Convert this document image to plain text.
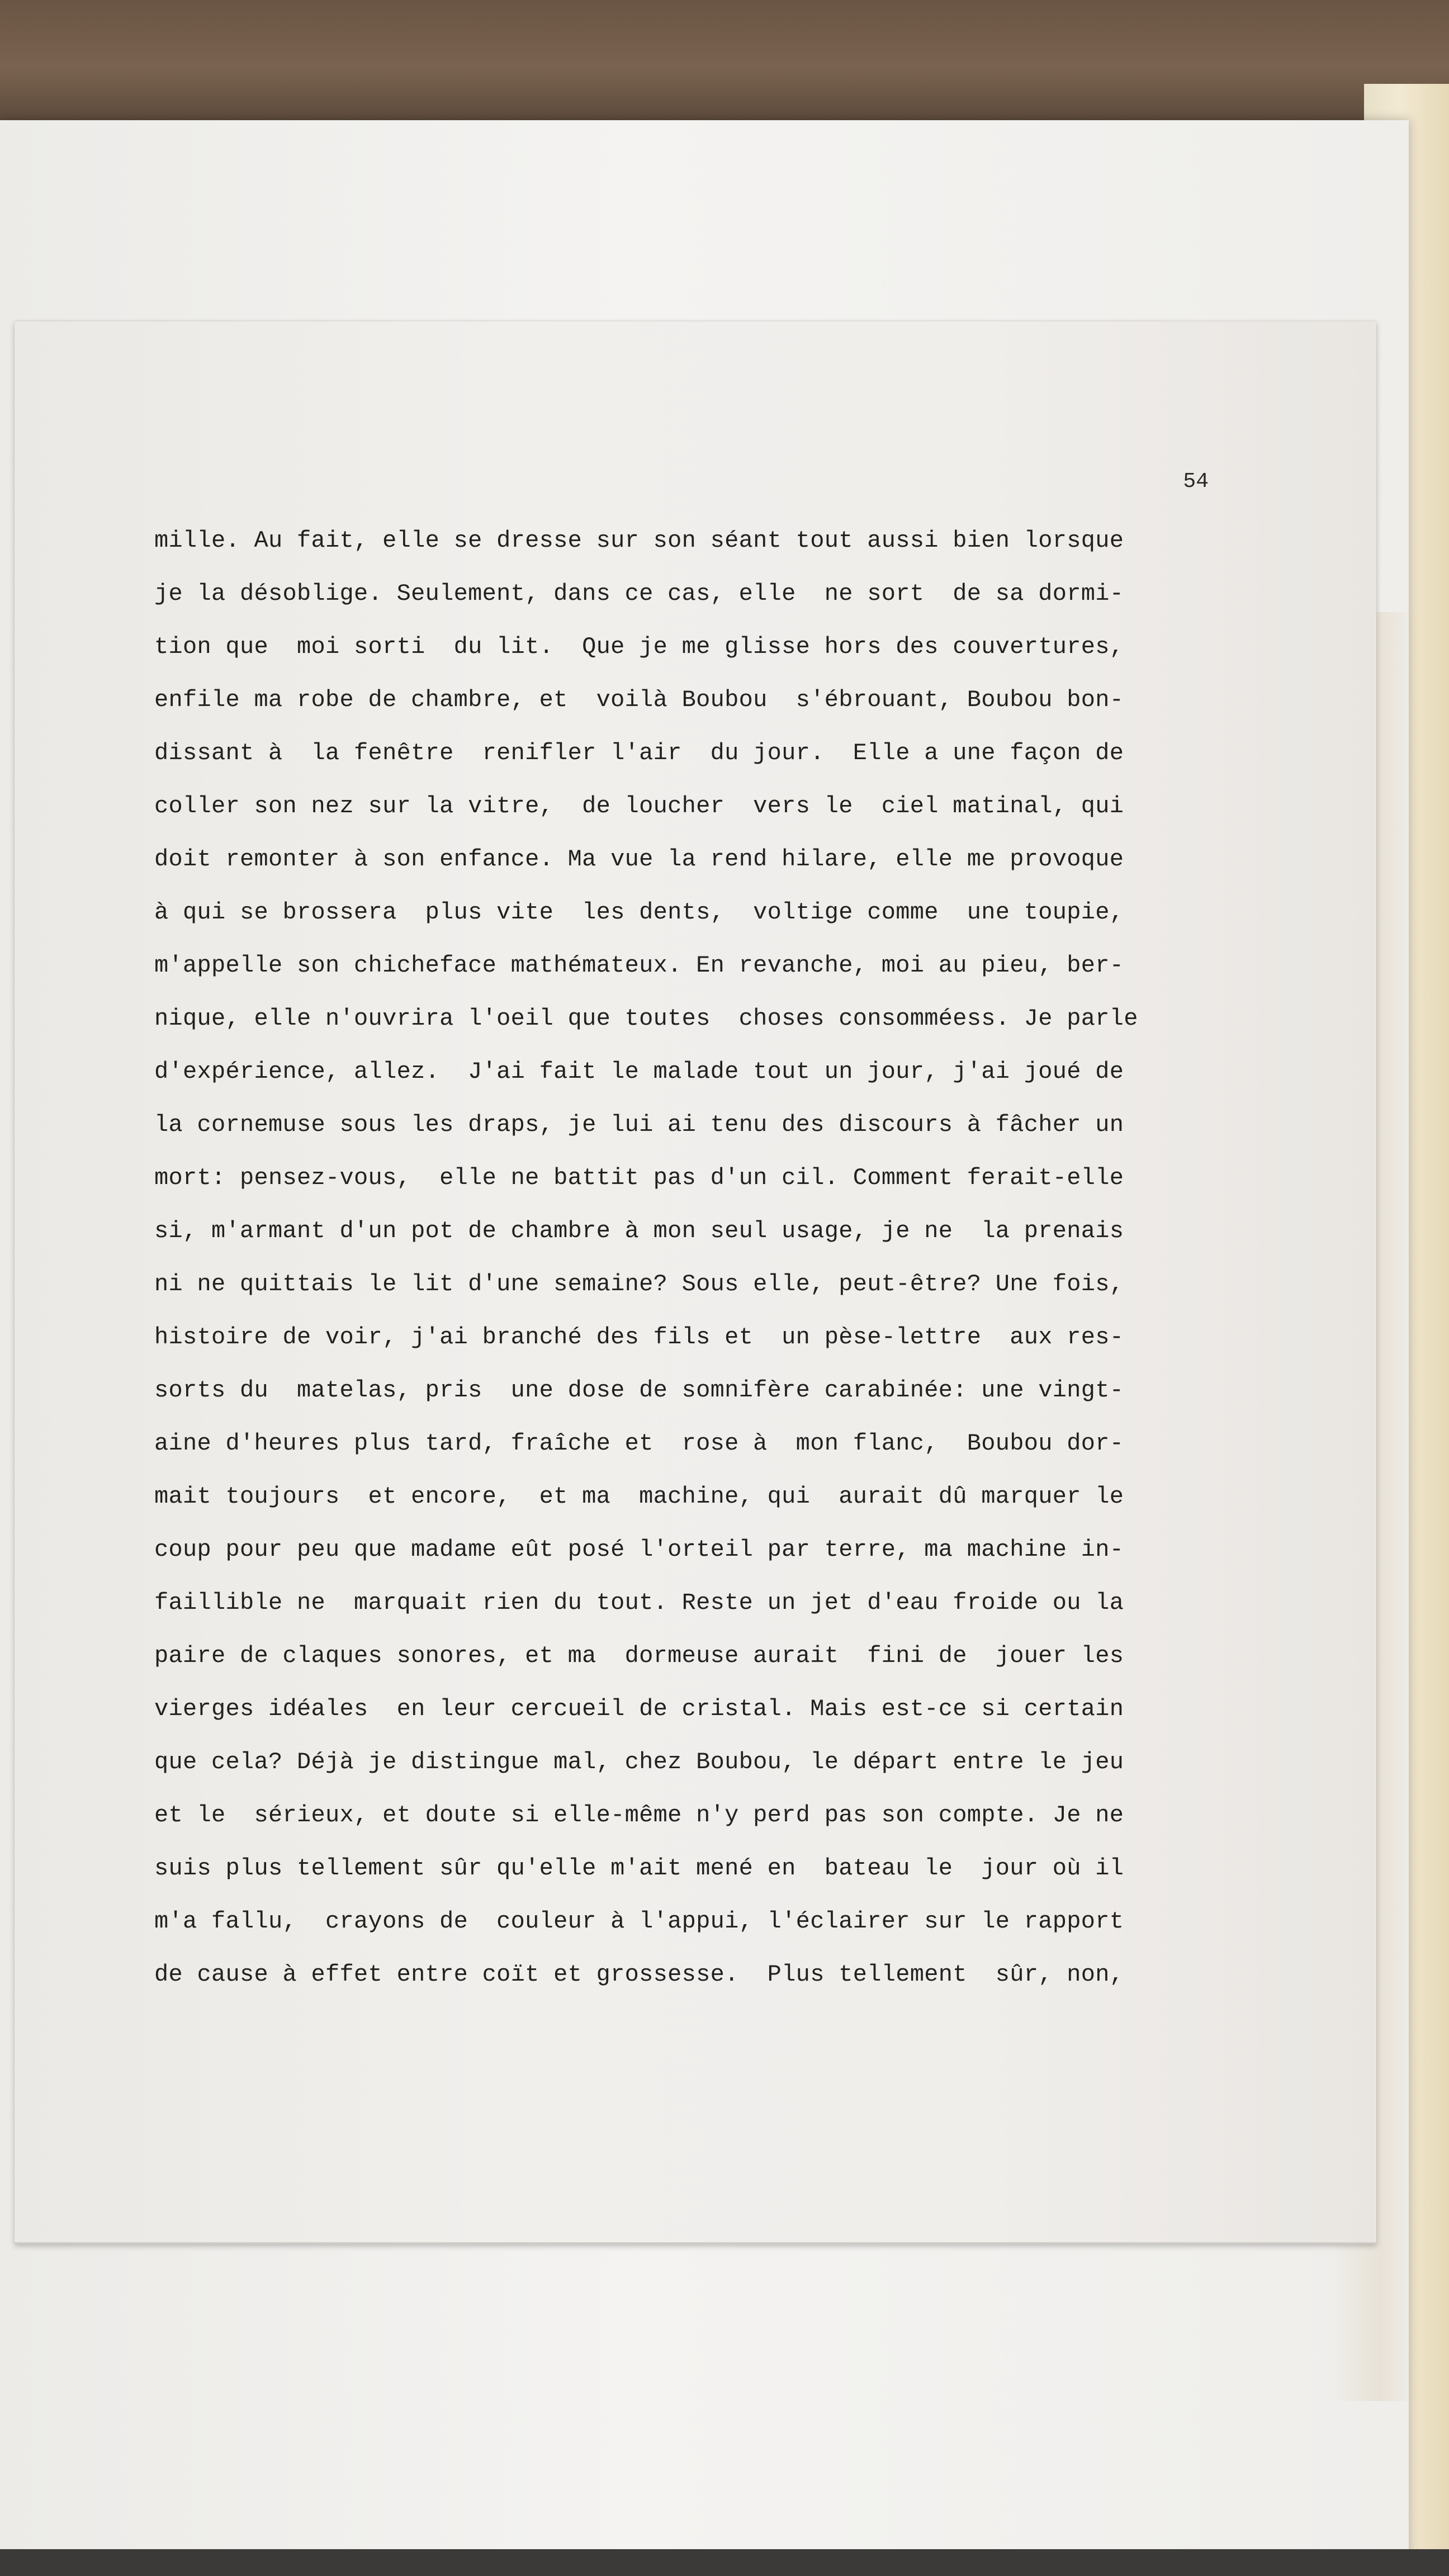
54
mille. Au fait, elle se dresse sur son séant tout aussi bien lorsque
je la désoblige. Seulement, dans ce cas, elle  ne sort  de sa dormi-
tion que  moi sorti  du lit.  Que je me glisse hors des couvertures,
enfile ma robe de chambre, et  voilà Boubou  s'ébrouant, Boubou bon-
dissant à  la fenêtre  renifler l'air  du jour.  Elle a une façon de
coller son nez sur la vitre,  de loucher  vers le  ciel matinal, qui
doit remonter à son enfance. Ma vue la rend hilare, elle me provoque
à qui se brossera  plus vite  les dents,  voltige comme  une toupie,
m'appelle son chicheface mathémateux. En revanche, moi au pieu, ber-
nique, elle n'ouvrira l'oeil que toutes  choses consomméess. Je parle
d'expérience, allez.  J'ai fait le malade tout un jour, j'ai joué de
la cornemuse sous les draps, je lui ai tenu des discours à fâcher un
mort: pensez-vous,  elle ne battit pas d'un cil. Comment ferait-elle
si, m'armant d'un pot de chambre à mon seul usage, je ne  la prenais
ni ne quittais le lit d'une semaine? Sous elle, peut-être? Une fois,
histoire de voir, j'ai branché des fils et  un pèse-lettre  aux res-
sorts du  matelas, pris  une dose de somnifère carabinée: une vingt-
aine d'heures plus tard, fraîche et  rose à  mon flanc,  Boubou dor-
mait toujours  et encore,  et ma  machine, qui  aurait dû marquer le
coup pour peu que madame eût posé l'orteil par terre, ma machine in-
faillible ne  marquait rien du tout. Reste un jet d'eau froide ou la
paire de claques sonores, et ma  dormeuse aurait  fini de  jouer les
vierges idéales  en leur cercueil de cristal. Mais est-ce si certain
que cela? Déjà je distingue mal, chez Boubou, le départ entre le jeu
et le  sérieux, et doute si elle-même n'y perd pas son compte. Je ne
suis plus tellement sûr qu'elle m'ait mené en  bateau le  jour où il
m'a fallu,  crayons de  couleur à l'appui, l'éclairer sur le rapport
de cause à effet entre coït et grossesse.  Plus tellement  sûr, non,
